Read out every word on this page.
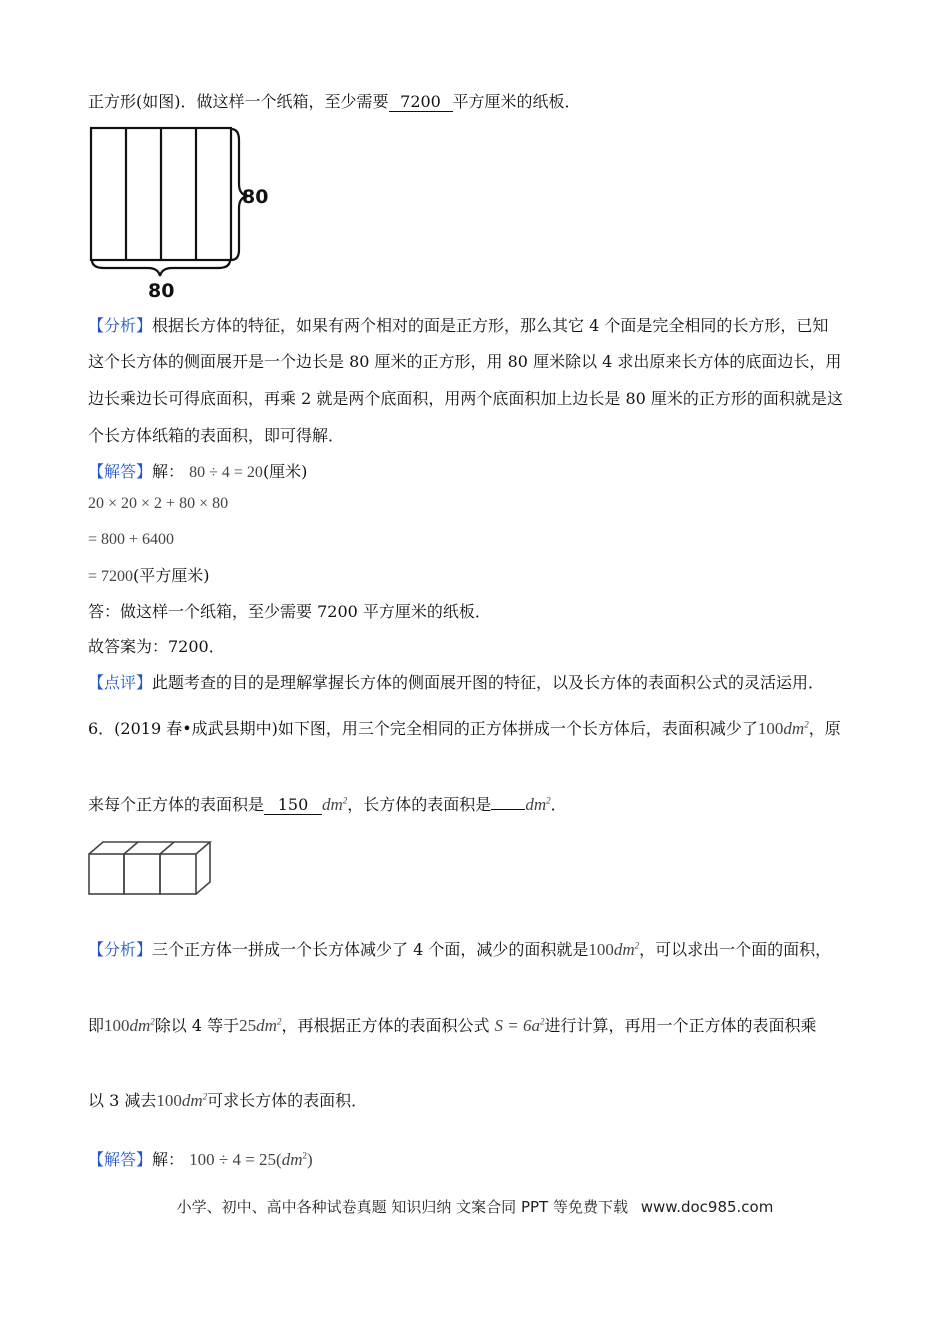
正方形(如图)．做这样一个纸箱，至少需要 7200 平方厘米的纸板．
80
80
【分析】根据长方体的特征，如果有两个相对的面是正方形，那么其它 4 个面是完全相同的长方形，已知
这个长方体的侧面展开是一个边长是 80 厘米的正方形，用 80 厘米除以 4 求出原来长方体的底面边长，用
边长乘边长可得底面积，再乘 2 就是两个底面积，用两个底面积加上边长是 80 厘米的正方形的面积就是这
个长方体纸箱的表面积，即可得解．
【解答】解： 80 ÷ 4 = 20(厘米)
20 × 20 × 2 + 80 × 80
= 800 + 6400
= 7200(平方厘米)
答：做这样一个纸箱，至少需要 7200 平方厘米的纸板．
故答案为：7200．
【点评】此题考查的目的是理解掌握长方体的侧面展开图的特征，以及长方体的表面积公式的灵活运用．
6．(2019 春•成武县期中)如下图，用三个完全相同的正方体拼成一个长方体后，表面积减少了$100dm^2$，原
来每个正方体的表面积是 150 $dm^2$，长方体的表面积是 $dm^2$．
【分析】三个正方体一拼成一个长方体减少了 4 个面，减少的面积就是$100dm^2$，可以求出一个面的面积，
即$100dm^2$除以 4 等于$25dm^2$，再根据正方体的表面积公式 $S = 6a^2$进行计算，再用一个正方体的表面积乘
以 3 减去$100dm^2$可求长方体的表面积．
【解答】解： $100 \div 4 = 25(dm^2)$
小学、初中、高中各种试卷真题 知识归纳 文案合同 PPT 等免费下载 www.doc985.com
